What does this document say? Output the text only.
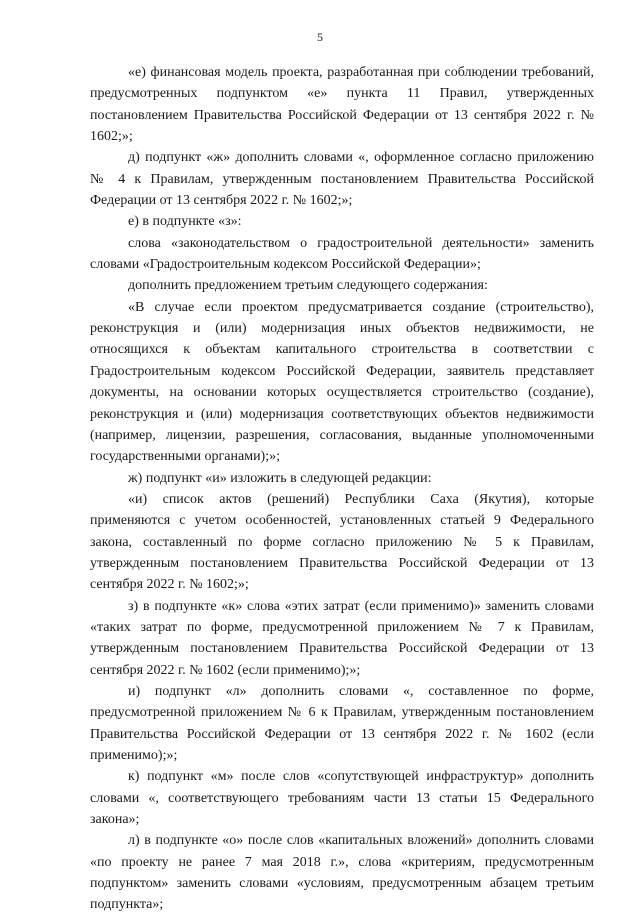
5

«е) финансовая модель проекта, разработанная при соблюдении требований, предусмотренных подпунктом «е» пункта 11 Правил, утвержденных постановлением Правительства Российской Федерации от 13 сентября 2022 г. № 1602;»;

д) подпункт «ж» дополнить словами «, оформленное согласно приложению № 4 к Правилам, утвержденным постановлением Правительства Российской Федерации от 13 сентября 2022 г. № 1602;»;

е) в подпункте «з»:

слова «законодательством о градостроительной деятельности» заменить словами «Градостроительным кодексом Российской Федерации»;

дополнить предложением третьим следующего содержания:

«В случае если проектом предусматривается создание (строительство), реконструкция и (или) модернизация иных объектов недвижимости, не относящихся к объектам капитального строительства в соответствии с Градостроительным кодексом Российской Федерации, заявитель представляет документы, на основании которых осуществляется строительство (создание), реконструкция и (или) модернизация соответствующих объектов недвижимости (например, лицензии, разрешения, согласования, выданные уполномоченными государственными органами);»;

ж) подпункт «и» изложить в следующей редакции:

«и) список актов (решений) Республики Саха (Якутия), которые применяются с учетом особенностей, установленных статьей 9 Федерального закона, составленный по форме согласно приложению № 5 к Правилам, утвержденным постановлением Правительства Российской Федерации от 13 сентября 2022 г. № 1602;»;

з) в подпункте «к» слова «этих затрат (если применимо)» заменить словами «таких затрат по форме, предусмотренной приложением № 7 к Правилам, утвержденным постановлением Правительства Российской Федерации от 13 сентября 2022 г. № 1602 (если применимо);»;

и) подпункт «л» дополнить словами «, составленное по форме, предусмотренной приложением № 6 к Правилам, утвержденным постановлением Правительства Российской Федерации от 13 сентября 2022 г. № 1602 (если применимо);»;

к) подпункт «м» после слов «сопутствующей инфраструктур» дополнить словами «, соответствующего требованиям части 13 статьи 15 Федерального закона»;

л) в подпункте «о» после слов «капитальных вложений» дополнить словами «по проекту не ранее 7 мая 2018 г.», слова «критериям, предусмотренным подпунктом» заменить словами «условиям, предусмотренным абзацем третьим подпункта»;
